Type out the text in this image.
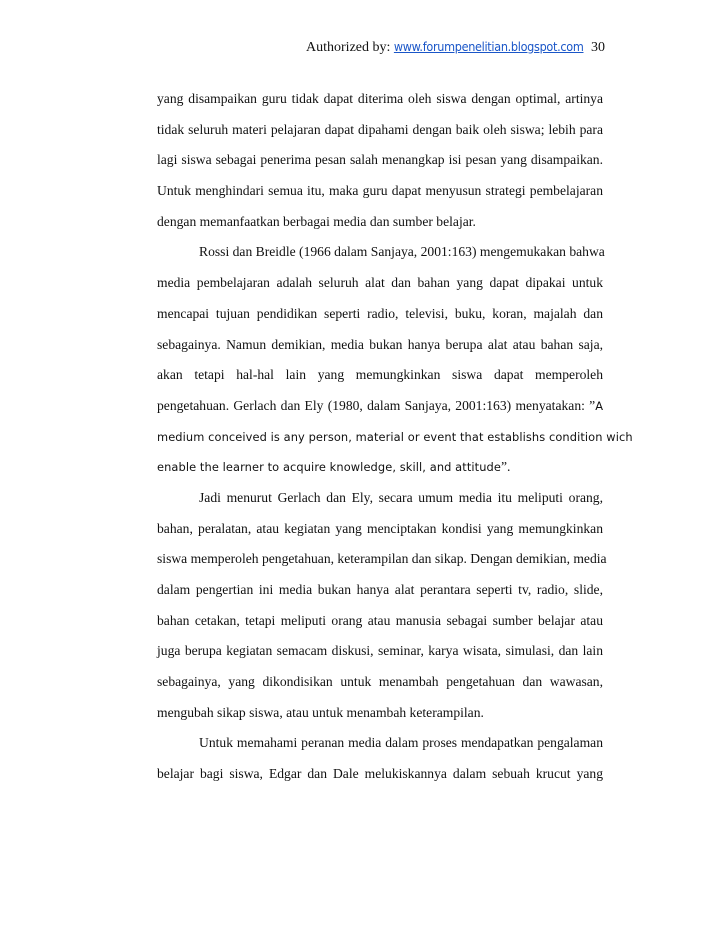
Authorized by: www.forumpenelitian.blogspot.com 30
yang disampaikan guru tidak dapat diterima oleh siswa dengan optimal, artinya
tidak seluruh materi pelajaran dapat dipahami dengan baik oleh siswa; lebih para
lagi siswa sebagai penerima pesan salah menangkap isi pesan yang disampaikan.
Untuk menghindari semua itu, maka guru dapat menyusun strategi pembelajaran
dengan memanfaatkan berbagai media dan sumber belajar.
Rossi dan Breidle (1966 dalam Sanjaya, 2001:163) mengemukakan bahwa
media pembelajaran adalah seluruh alat dan bahan yang dapat dipakai untuk
mencapai tujuan pendidikan seperti radio, televisi, buku, koran, majalah dan
sebagainya. Namun demikian, media bukan hanya berupa alat atau bahan saja,
akan tetapi hal-hal lain yang memungkinkan siswa dapat memperoleh
pengetahuan. Gerlach dan Ely (1980, dalam Sanjaya, 2001:163) menyatakan: ”A
medium conceived is any person, material or event that establishs condition wich
enable the learner to acquire knowledge, skill, and attitude”.
Jadi menurut Gerlach dan Ely, secara umum media itu meliputi orang,
bahan, peralatan, atau kegiatan yang menciptakan kondisi yang memungkinkan
siswa memperoleh pengetahuan, keterampilan dan sikap. Dengan demikian, media
dalam pengertian ini media bukan hanya alat perantara seperti tv, radio, slide,
bahan cetakan, tetapi meliputi orang atau manusia sebagai sumber belajar atau
juga berupa kegiatan semacam diskusi, seminar, karya wisata, simulasi, dan lain
sebagainya, yang dikondisikan untuk menambah pengetahuan dan wawasan,
mengubah sikap siswa, atau untuk menambah keterampilan.
Untuk memahami peranan media dalam proses mendapatkan pengalaman
belajar bagi siswa, Edgar dan Dale melukiskannya dalam sebuah krucut yang
